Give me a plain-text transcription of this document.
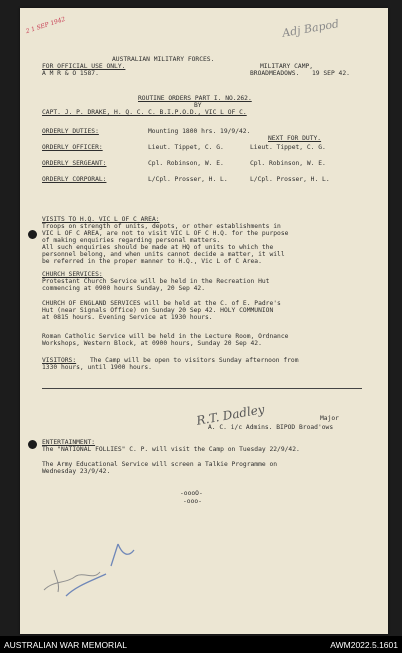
2 1 SEP 1942	Adj Bapod
AUSTRALIAN MILITARY FORCES.
FOR OFFICIAL USE ONLY.
A M R & O 1587.
MILITARY CAMP,
BROADMEADOWS. 19 SEP 42.
ROUTINE ORDERS PART I. NO.262.
BY
CAPT. J. P. DRAKE, H. Q. C. C. B.I.P.O.D., VIC L OF C.
ORDERLY DUTIES:	Mounting 1800 hrs. 19/9/42.
NEXT FOR DUTY.
ORDERLY OFFICER:	Lieut. Tippet, C. G.	Lieut. Tippet, C. G.
ORDERLY SERGEANT:	Cpl. Robinson, W. E.	Cpl. Robinson, W. E.
ORDERLY CORPORAL:	L/Cpl. Prosser, H. L.	L/Cpl. Prosser, H. L.
VISITS TO H.Q. VIC L OF C AREA:
Troops on strength of units, depots, or other establishments in
VIC L OF C AREA, are not to visit VIC L OF C H.Q. for the purpose
of making enquiries regarding personal matters.
All such enquiries should be made at HQ of units to which the
personnel belong, and when units cannot decide a matter, it will
be referred in the proper manner to H.Q., Vic L of C Area.
CHURCH SERVICES:
Protestant Church Service will be held in the Recreation Hut
commencing at 0900 hours Sunday, 20 Sep 42.
CHURCH OF ENGLAND SERVICES will be held at the C. of E. Padre's
Hut (near Signals Office) on Sunday 20 Sep 42. HOLY COMMUNION
at 0815 hours. Evening Service at 1930 hours.
Roman Catholic Service will be held in the Lecture Room, Ordnance
Workshops, Western Block, at 0900 hours, Sunday 20 Sep 42.
VISITORS: The Camp will be open to visitors Sunday afternoon from
1330 hours, until 1900 hours.
R.T. Dadley	Major
A. C. i/c Admins. BIPOD Broad'ows
ENTERTAINMENT:
The "NATIONAL FOLLIES" C. P. will visit the Camp on Tuesday 22/9/42.
The Army Educational Service will screen a Talkie Programme on
Wednesday 23/9/42.
-oooO-
-ooo-
AUSTRALIAN WAR MEMORIAL	AWM2022.5.1601
